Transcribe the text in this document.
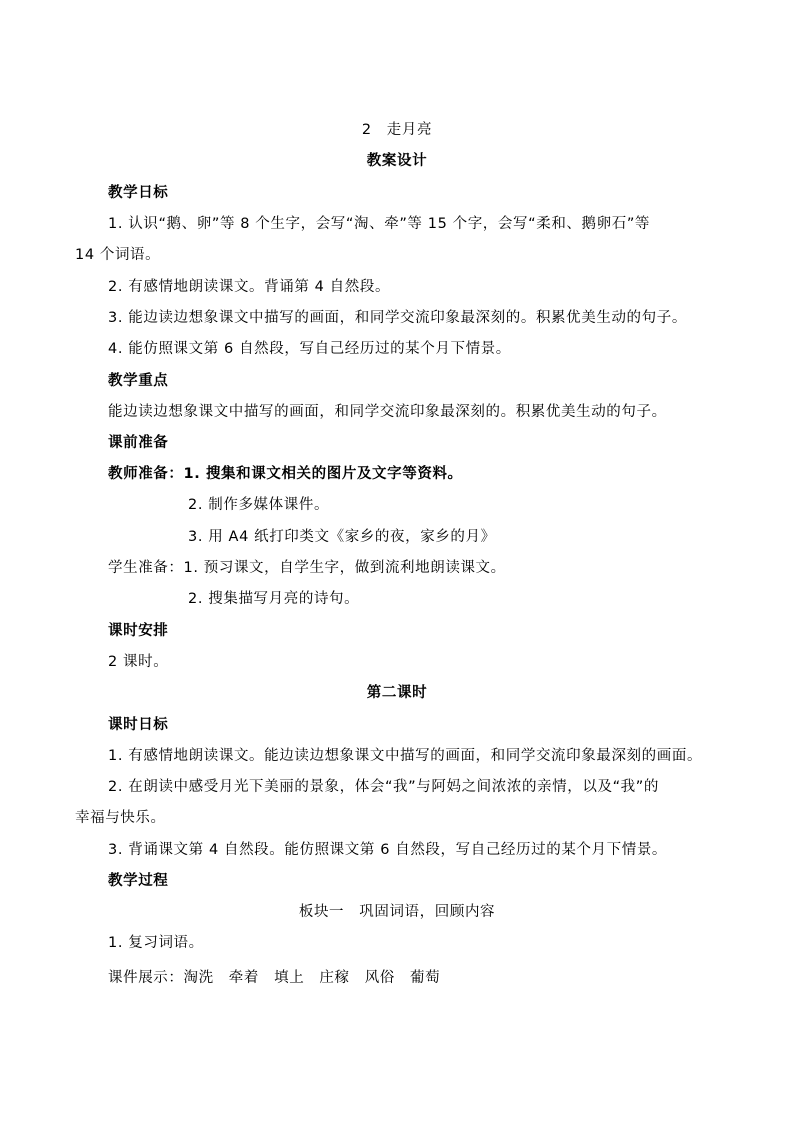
2　走月亮
教案设计
教学日标
1. 认识“鹅、卵”等 8 个生字，会写“淘、牵”等 15 个字，会写“柔和、鹅卵石”等
14 个词语。
2. 有感情地朗读课文。背诵第 4 自然段。
3. 能边读边想象课文中描写的画面，和同学交流印象最深刻的。积累优美生动的句子。
4. 能仿照课文第 6 自然段，写自己经历过的某个月下情景。
教学重点
能边读边想象课文中描写的画面，和同学交流印象最深刻的。积累优美生动的句子。
课前准备
教师准备：1. 搜集和课文相关的图片及文字等资料。
2. 制作多媒体课件。
3. 用 A4 纸打印类文《家乡的夜，家乡的月》
学生准备：1. 预习课文，自学生字，做到流利地朗读课文。
2. 搜集描写月亮的诗句。
课时安排
2 课时。
第二课时
课时日标
1. 有感情地朗读课文。能边读边想象课文中描写的画面，和同学交流印象最深刻的画面。
2. 在朗读中感受月光下美丽的景象，体会“我”与阿妈之间浓浓的亲情，以及“我”的
幸福与快乐。
3. 背诵课文第 4 自然段。能仿照课文第 6 自然段，写自己经历过的某个月下情景。
教学过程
板块一　巩固词语，回顾内容
1. 复习词语。
课件展示：淘洗　牵着　填上　庄稼　风俗　葡萄
